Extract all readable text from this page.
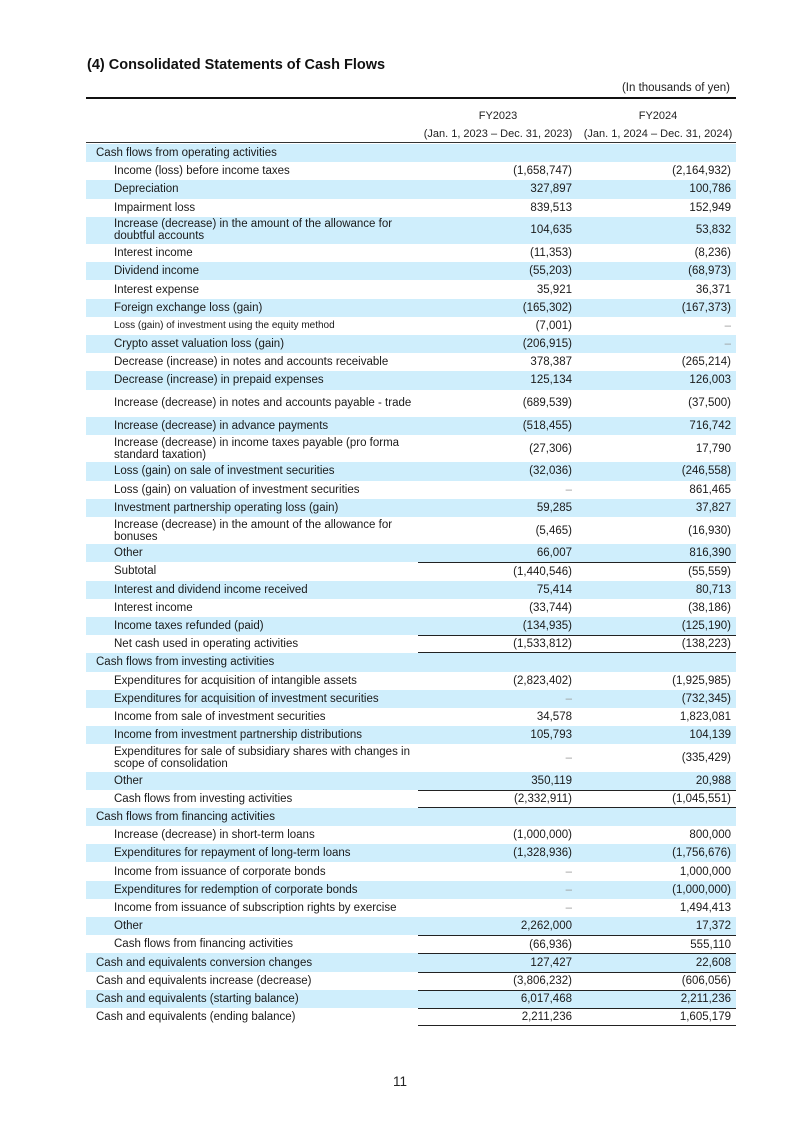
(4) Consolidated Statements of Cash Flows
(In thousands of yen)
FY2023
(Jan. 1, 2023 – Dec. 31, 2023)
FY2024
(Jan. 1, 2024 – Dec. 31, 2024)
Cash flows from operating activities
Income (loss) before income taxes	(1,658,747)	(2,164,932)
Depreciation	327,897	100,786
Impairment loss	839,513	152,949
Increase (decrease) in the amount of the allowance for doubtful accounts	104,635	53,832
Interest income	(11,353)	(8,236)
Dividend income	(55,203)	(68,973)
Interest expense	35,921	36,371
Foreign exchange loss (gain)	(165,302)	(167,373)
Loss (gain) of investment using the equity method	(7,001)	–
Crypto asset valuation loss (gain)	(206,915)	–
Decrease (increase) in notes and accounts receivable	378,387	(265,214)
Decrease (increase) in prepaid expenses	125,134	126,003
Increase (decrease) in notes and accounts payable - trade	(689,539)	(37,500)
Increase (decrease) in advance payments	(518,455)	716,742
Increase (decrease) in income taxes payable (pro forma standard taxation)	(27,306)	17,790
Loss (gain) on sale of investment securities	(32,036)	(246,558)
Loss (gain) on valuation of investment securities	–	861,465
Investment partnership operating loss (gain)	59,285	37,827
Increase (decrease) in the amount of the allowance for bonuses	(5,465)	(16,930)
Other	66,007	816,390
Subtotal	(1,440,546)	(55,559)
Interest and dividend income received	75,414	80,713
Interest income	(33,744)	(38,186)
Income taxes refunded (paid)	(134,935)	(125,190)
Net cash used in operating activities	(1,533,812)	(138,223)
Cash flows from investing activities
Expenditures for acquisition of intangible assets	(2,823,402)	(1,925,985)
Expenditures for acquisition of investment securities	–	(732,345)
Income from sale of investment securities	34,578	1,823,081
Income from investment partnership distributions	105,793	104,139
Expenditures for sale of subsidiary shares with changes in scope of consolidation	–	(335,429)
Other	350,119	20,988
Cash flows from investing activities	(2,332,911)	(1,045,551)
Cash flows from financing activities
Increase (decrease) in short-term loans	(1,000,000)	800,000
Expenditures for repayment of long-term loans	(1,328,936)	(1,756,676)
Income from issuance of corporate bonds	–	1,000,000
Expenditures for redemption of corporate bonds	–	(1,000,000)
Income from issuance of subscription rights by exercise	–	1,494,413
Other	2,262,000	17,372
Cash flows from financing activities	(66,936)	555,110
Cash and equivalents conversion changes	127,427	22,608
Cash and equivalents increase (decrease)	(3,806,232)	(606,056)
Cash and equivalents (starting balance)	6,017,468	2,211,236
Cash and equivalents (ending balance)	2,211,236	1,605,179
11
